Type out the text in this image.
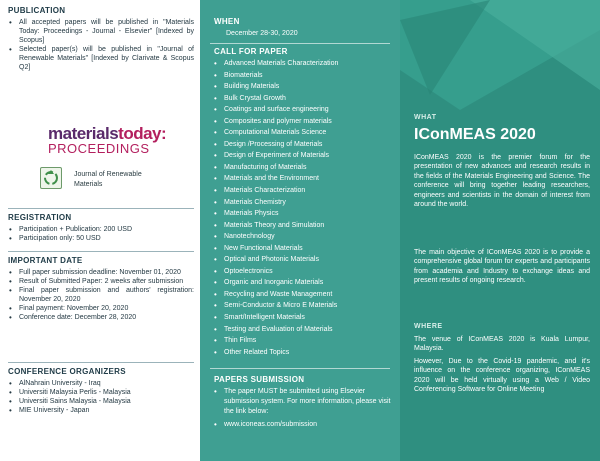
PUBLICATION
• All accepted papers will be published in "Materials Today: Proceedings - Journal - Elsevier" [Indexed by Scopus]
• Selected paper(s) will be published in "Journal of Renewable Materials" [Indexed by Clarivate & Scopus Q2]
materialstoday:
PROCEEDINGS
Journal of Renewable Materials
REGISTRATION
• Participation + Publication: 200 USD
• Participation only: 50 USD
IMPORTANT DATE
• Full paper submission deadline: November 01, 2020
• Result of Submitted Paper: 2 weeks after submission
• Final paper submission and authors' registration: November 20, 2020
• Final payment: November 20, 2020
• Conference date: December 28, 2020
CONFERENCE ORGANIZERS
• AlNahrain University - Iraq
• Universiti Malaysia Perlis - Malaysia
• Universiti Sains Malaysia - Malaysia
• MIE University - Japan
WHEN
December 28-30, 2020
CALL FOR PAPER
• Advanced Materials Characterization
• Biomaterials
• Building Materials
• Bulk Crystal Growth
• Coatings and surface engineering
• Composites and polymer materials
• Computational Materials Science
• Design /Processing of Materials
• Design of Experiment of Materials
• Manufacturing of Materials
• Materials and the Environment
• Materials Characterization
• Materials Chemistry
• Materials Physics
• Materials Theory and Simulation
• Nanotechnology
• New Functional Materials
• Optical and Photonic Materials
• Optoelectronics
• Organic and Inorganic Materials
• Recycling and Waste Management
• Semi-Conductor & Micro E Materials
• Smart/Intelligent Materials
• Testing and Evaluation of Materials
• Thin Films
• Other Related Topics
PAPERS SUBMISSION
• The paper MUST be submitted using Elsevier submission system. For more information, please visit the link below:
• www.iconeas.com/submission
WHAT
IConMEAS 2020
IConMEAS 2020 is the premier forum for the presentation of new advances and research results in the fields of the Materials Engineering and Science. The conference will bring together leading researchers, engineers and scientists in the domain of interest from around the world.
The main objective of IConMEAS 2020 is to provide a comprehensive global forum for experts and participants from academia and Industry to exchange ideas and present results of ongoing research.
WHERE
The venue of IConMEAS 2020 is Kuala Lumpur, Malaysia.
However, Due to the Covid-19 pandemic, and it's influence on the conference organizing, IConMEAS 2020 will be held virtually using a Web / Video Conferencing Software for Online Meeting
